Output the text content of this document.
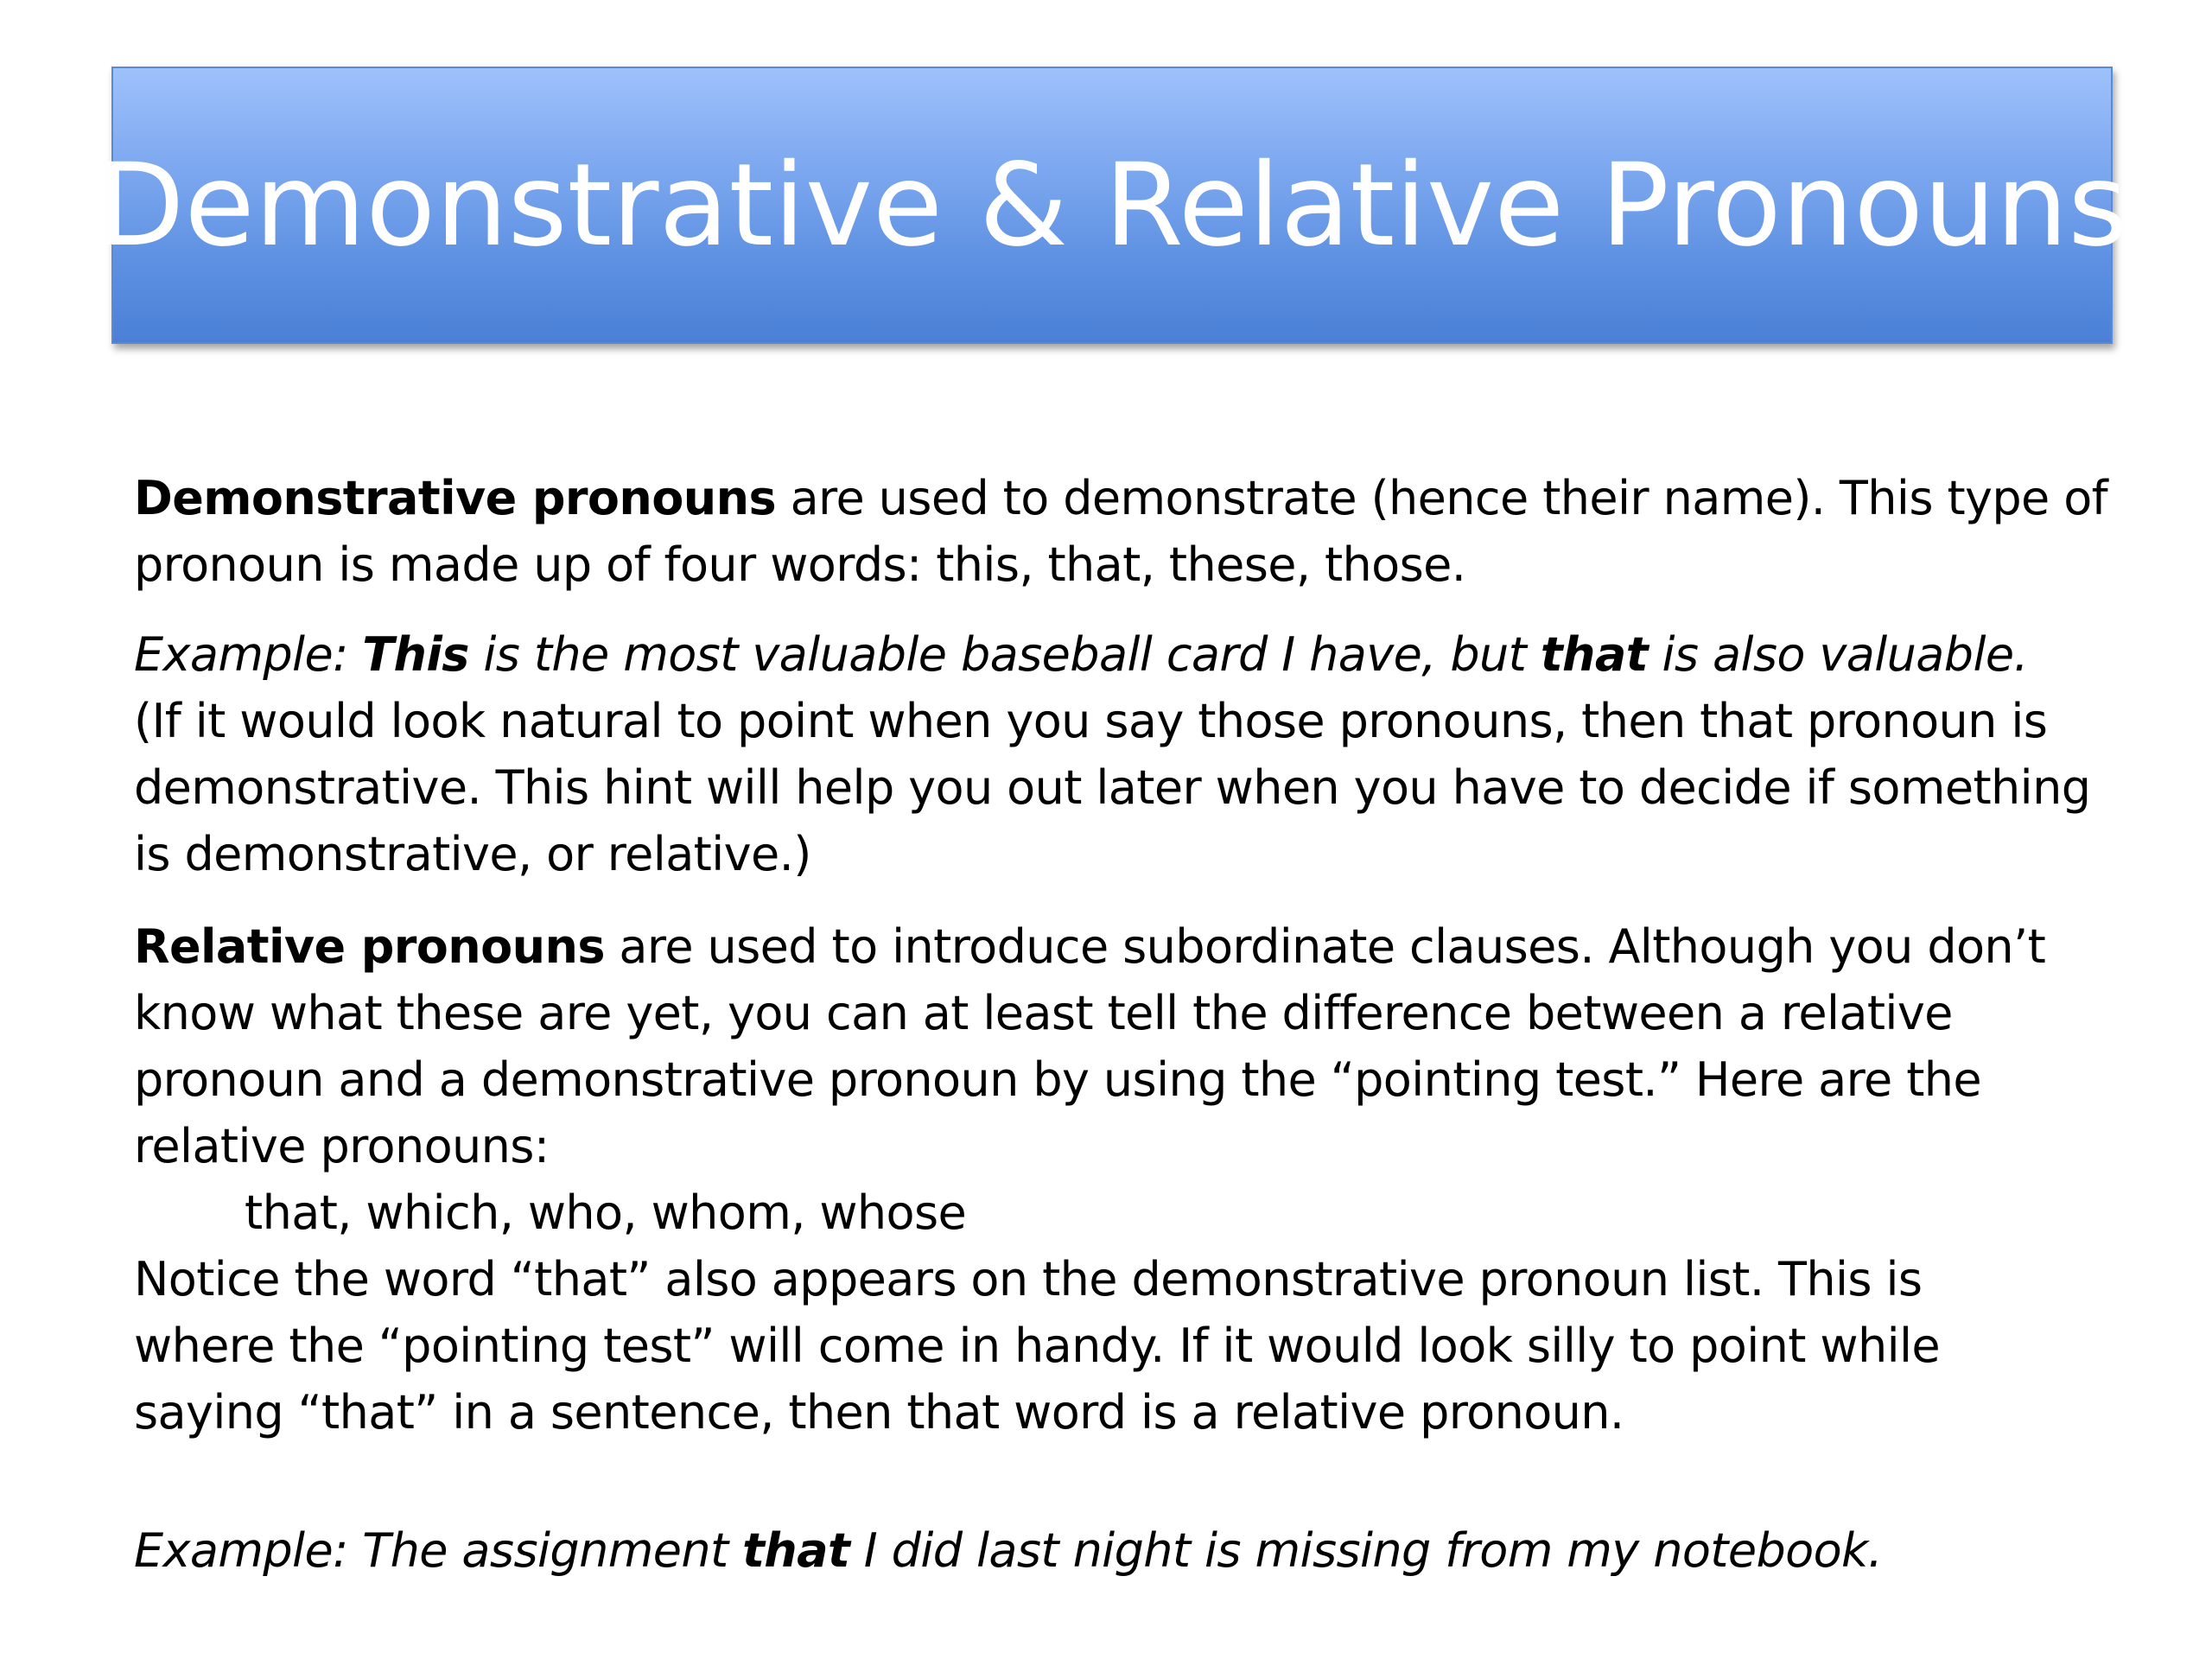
Demonstrative & Relative Pronouns
Demonstrative pronouns are used to demonstrate (hence their name). This type of
pronoun is made up of four words: this, that, these, those.
Example: This is the most valuable baseball card I have, but that is also valuable.
(If it would look natural to point when you say those pronouns, then that pronoun is
demonstrative. This hint will help you out later when you have to decide if something
is demonstrative, or relative.)
Relative pronouns are used to introduce subordinate clauses. Although you don’t
know what these are yet, you can at least tell the difference between a relative
pronoun and a demonstrative pronoun by using the “pointing test.” Here are the
relative pronouns:
that, which, who, whom, whose
Notice the word “that” also appears on the demonstrative pronoun list. This is
where the “pointing test” will come in handy. If it would look silly to point while
saying “that” in a sentence, then that word is a relative pronoun.
Example: The assignment that I did last night is missing from my notebook.
